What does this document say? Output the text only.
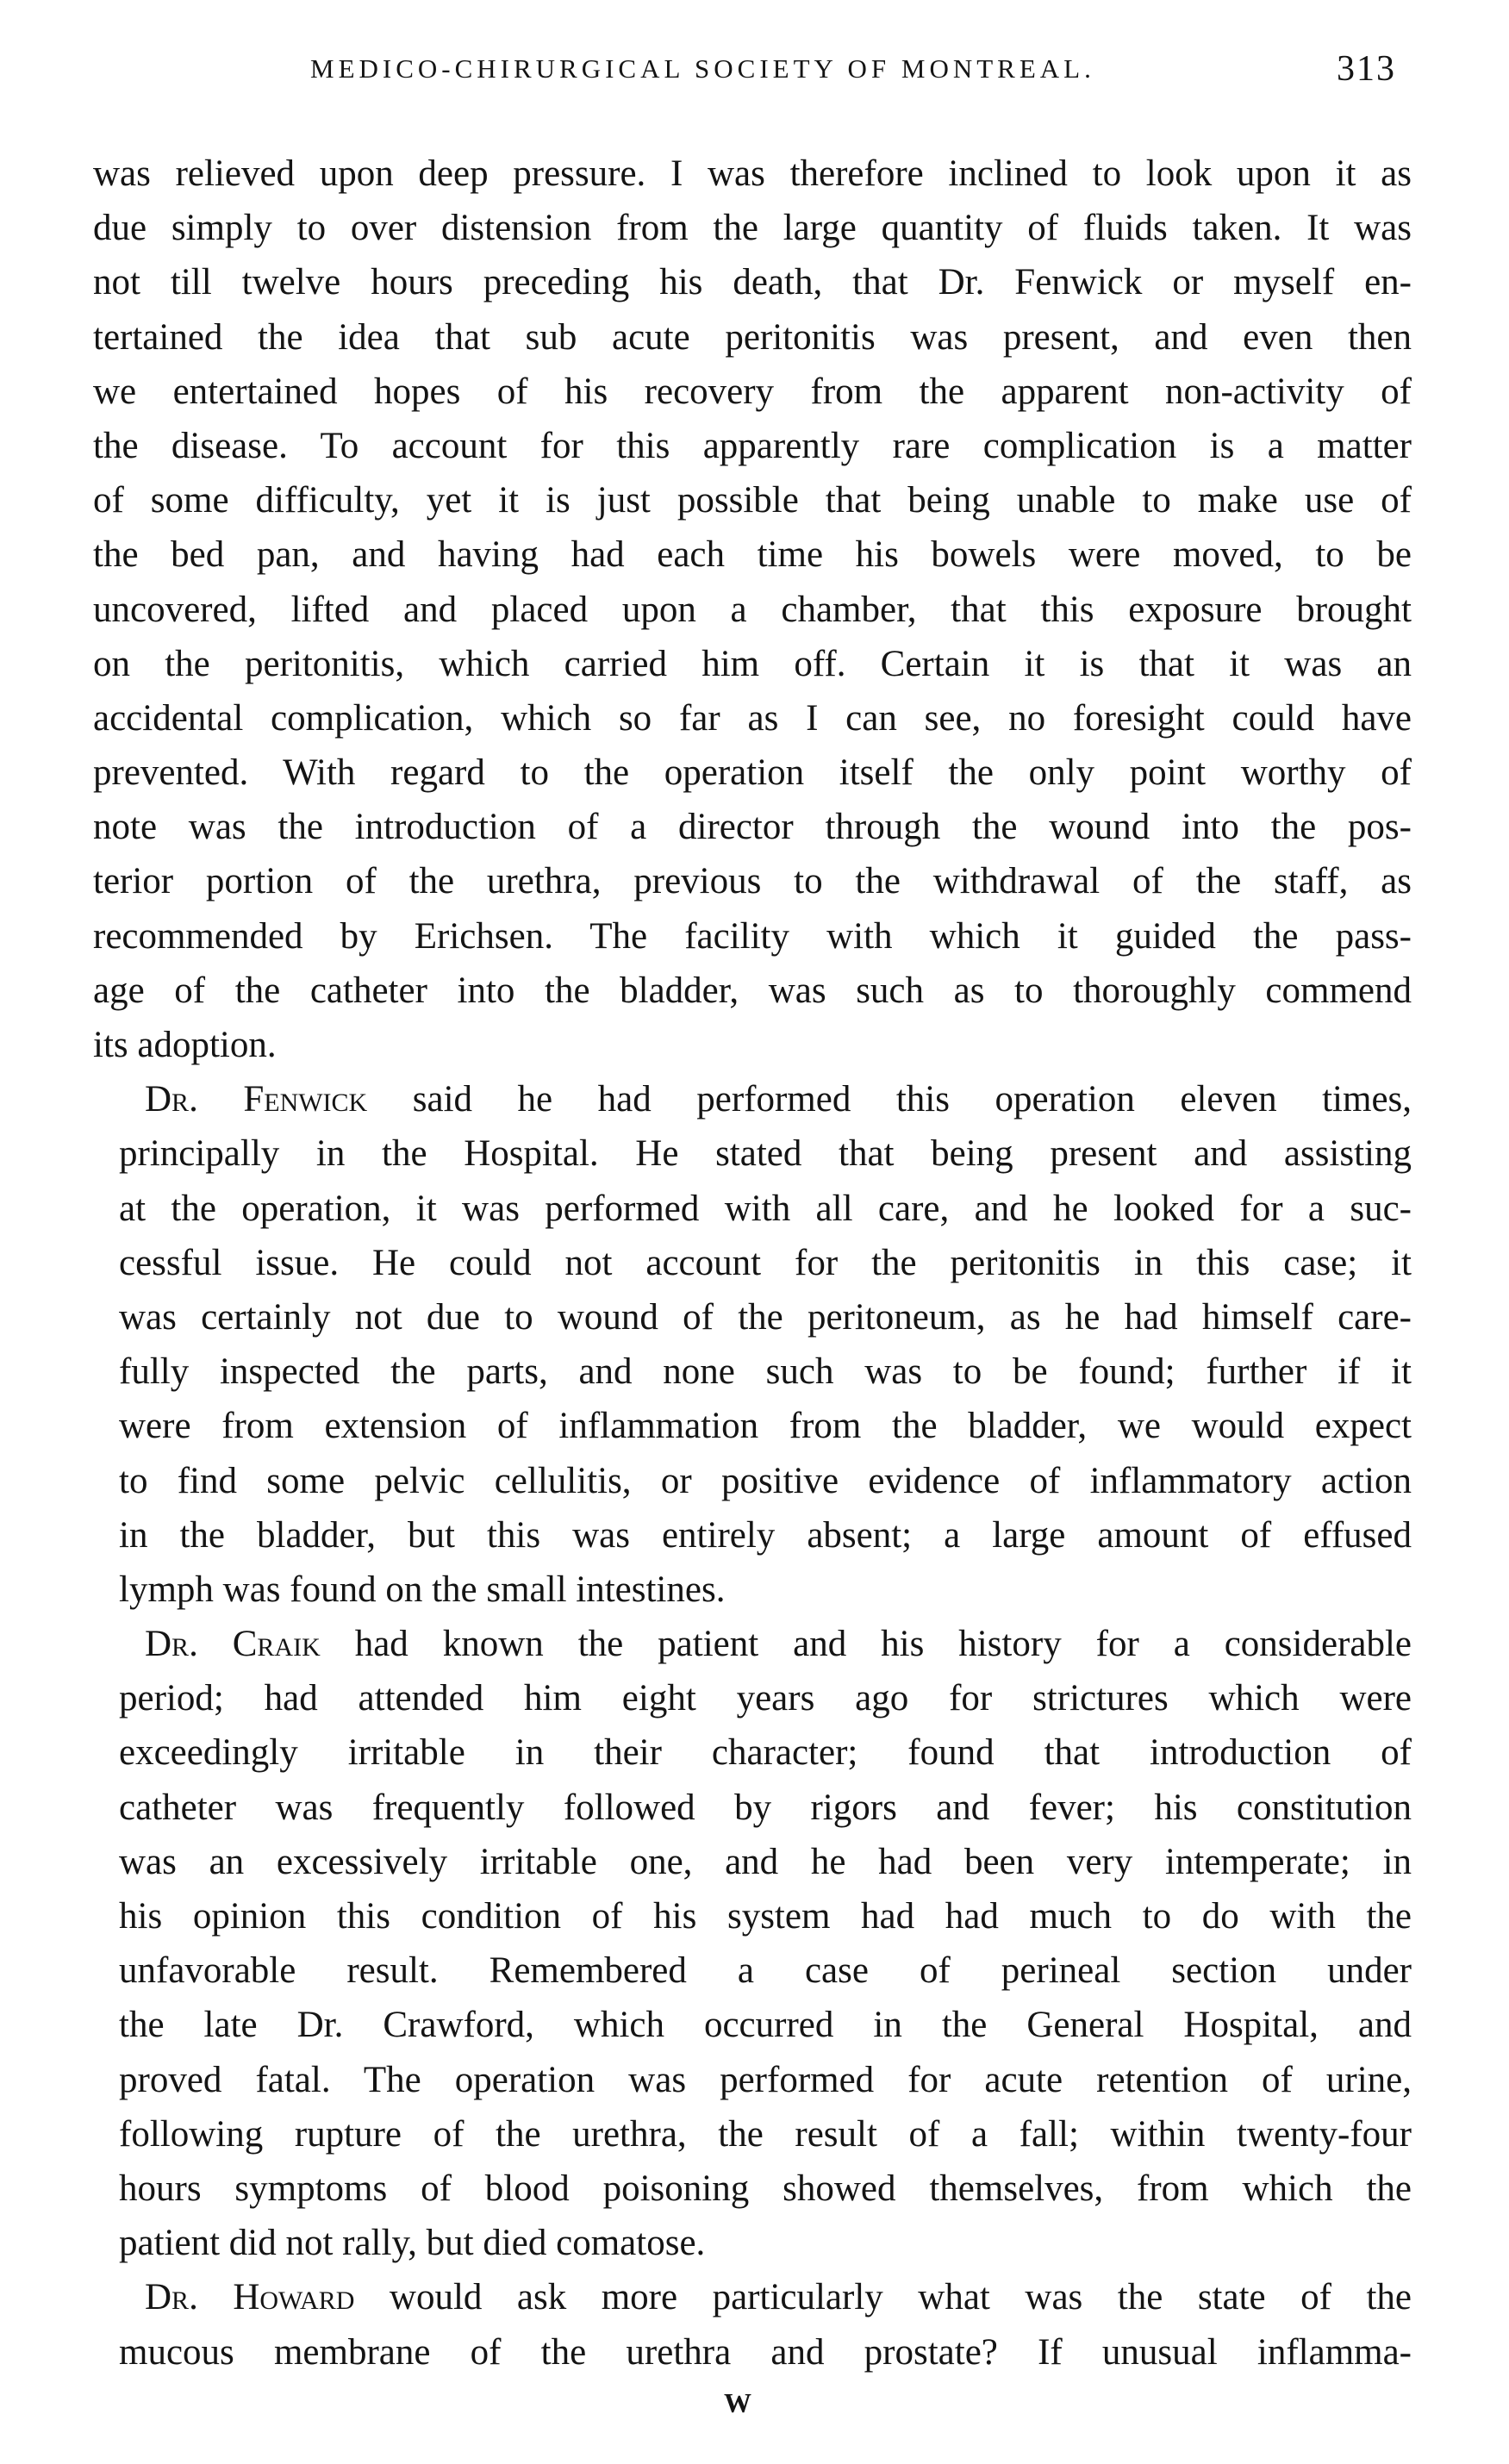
MEDICO-CHIRURGICAL SOCIETY OF MONTREAL.	313
was relieved upon deep pressure. I was therefore inclined to look upon it as
due simply to over distension from the large quantity of fluids taken. It was
not till twelve hours preceding his death, that Dr. Fenwick or myself en-
tertained the idea that sub acute peritonitis was present, and even then
we entertained hopes of his recovery from the apparent non-activity of
the disease. To account for this apparently rare complication is a matter
of some difficulty, yet it is just possible that being unable to make use of
the bed pan, and having had each time his bowels were moved, to be
uncovered, lifted and placed upon a chamber, that this exposure brought
on the peritonitis, which carried him off. Certain it is that it was an
accidental complication, which so far as I can see, no foresight could have
prevented. With regard to the operation itself the only point worthy of
note was the introduction of a director through the wound into the pos-
terior portion of the urethra, previous to the withdrawal of the staff, as
recommended by Erichsen. The facility with which it guided the pass-
age of the catheter into the bladder, was such as to thoroughly commend
its adoption.
Dr. Fenwick said he had performed this operation eleven times,
principally in the Hospital. He stated that being present and assisting
at the operation, it was performed with all care, and he looked for a suc-
cessful issue. He could not account for the peritonitis in this case; it
was certainly not due to wound of the peritoneum, as he had himself care-
fully inspected the parts, and none such was to be found; further if it
were from extension of inflammation from the bladder, we would expect
to find some pelvic cellulitis, or positive evidence of inflammatory action
in the bladder, but this was entirely absent; a large amount of effused
lymph was found on the small intestines.
Dr. Craik had known the patient and his history for a considerable
period; had attended him eight years ago for strictures which were
exceedingly irritable in their character; found that introduction of
catheter was frequently followed by rigors and fever; his constitution
was an excessively irritable one, and he had been very intemperate; in
his opinion this condition of his system had had much to do with the
unfavorable result. Remembered a case of perineal section under
the late Dr. Crawford, which occurred in the General Hospital, and
proved fatal. The operation was performed for acute retention of urine,
following rupture of the urethra, the result of a fall; within twenty-four
hours symptoms of blood poisoning showed themselves, from which the
patient did not rally, but died comatose.
Dr. Howard would ask more particularly what was the state of the
mucous membrane of the urethra and prostate? If unusual inflamma-
W
